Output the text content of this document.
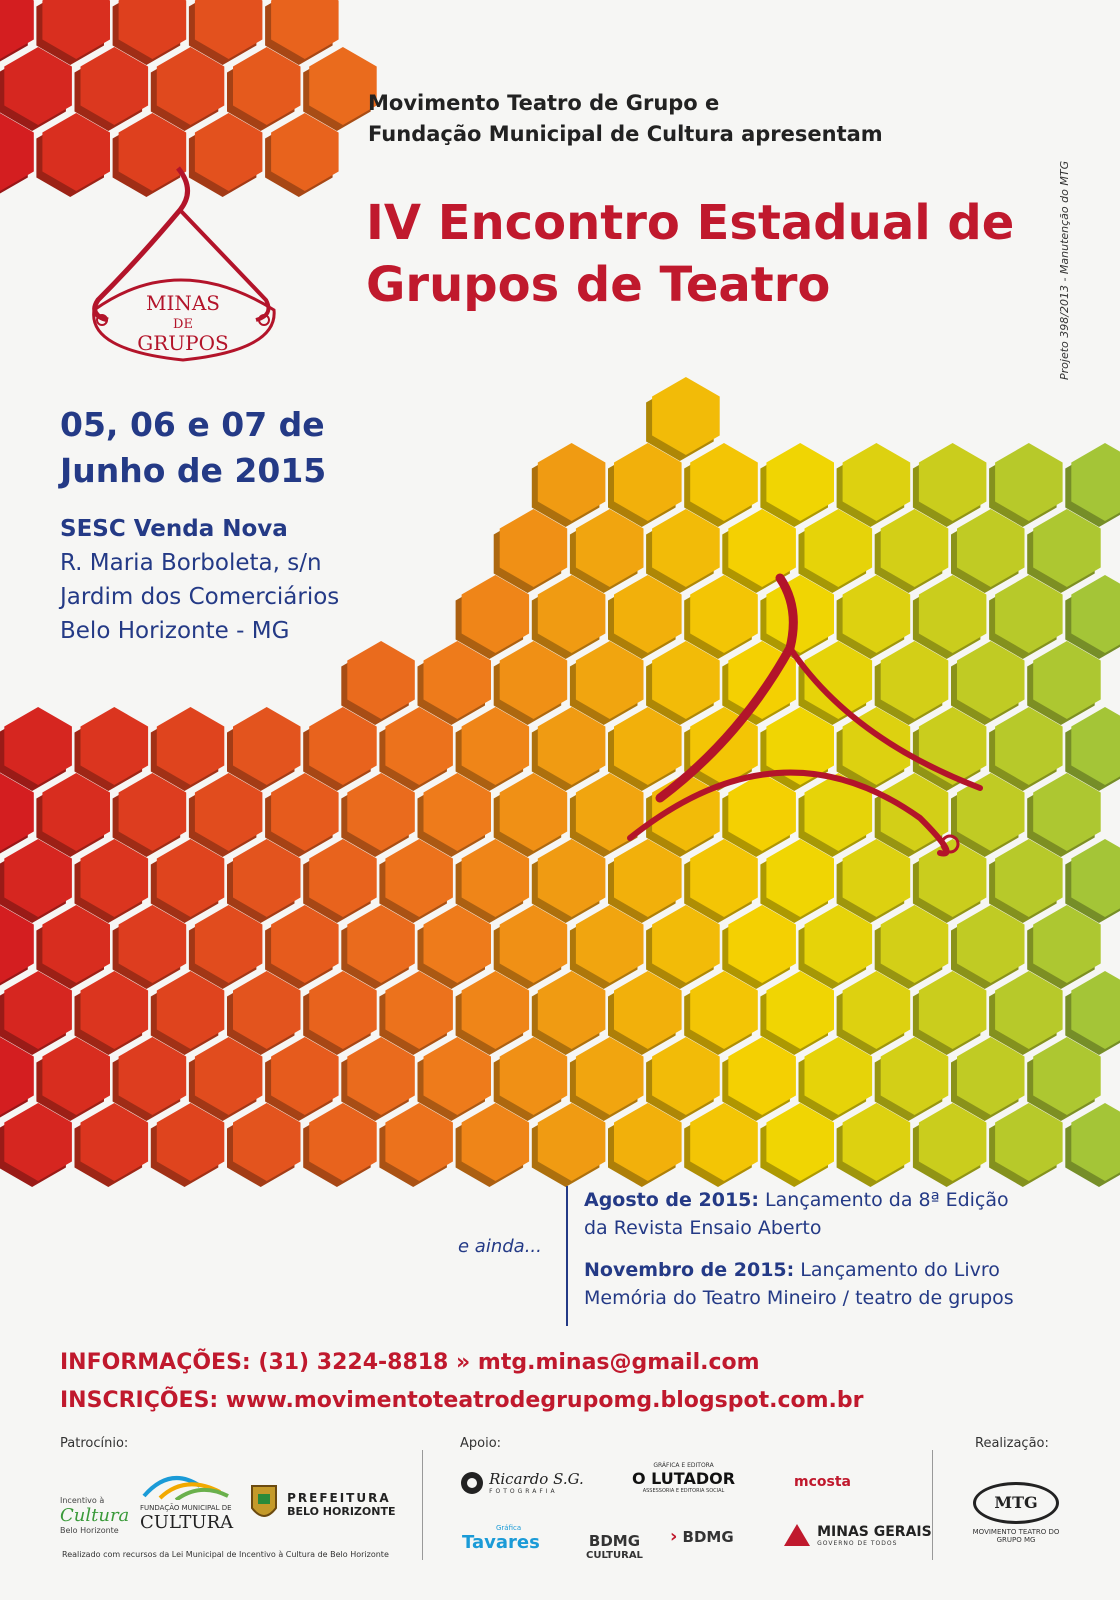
MINAS
DE
GRUPOS
Movimento Teatro de Grupo e
Fundação Municipal de Cultura apresentam
IV Encontro Estadual de
Grupos de Teatro	Projeto 398/2013 - Manutenção do MTG
05, 06 e 07 de
Junho de 2015
SESC Venda Nova
R. Maria Borboleta, s/n
Jardim dos Comerciários
Belo Horizonte - MG
e ainda...
Agosto de 2015: Lançamento da 8ª Edição
da Revista Ensaio Aberto
Novembro de 2015: Lançamento do Livro
Memória do Teatro Mineiro / teatro de grupos
INFORMAÇÕES: (31) 3224-8818 » mtg.minas@gmail.com
INSCRIÇÕES: www.movimentoteatrodegrupomg.blogspot.com.br
Patrocínio:	Apoio:	Realização:
Incentivo à
Cultura
Belo Horizonte
FUNDAÇÃO MUNICIPAL DE
CULTURA

PREFEITURA
BELO HORIZONTE
Realizado com recursos da Lei Municipal de Incentivo à Cultura de Belo Horizonte

Ricardo S.G.
FOTOGRAFIA
GRÁFICA E EDITORA
O LUTADOR
ASSESSORIA E EDITORIA SOCIAL
mcosta
Gráfica
Tavares	BDMG
CULTURAL
› BDMG
	MINAS GERAIS
GOVERNO DE TODOS
MTG
MOVIMENTO TEATRO DO GRUPO MG
